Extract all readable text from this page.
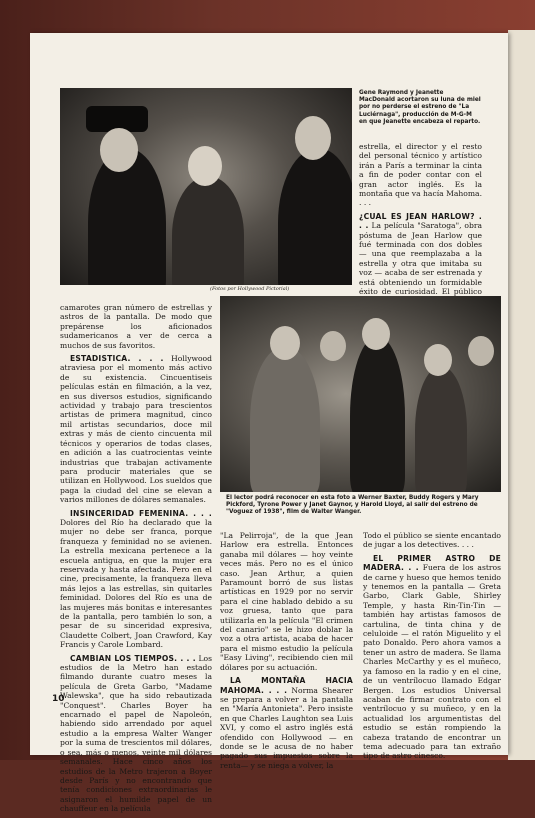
(Fotos por Hollywood Pictorial)
Gene Raymond y Jeanette MacDonald acortaron su luna de miel por no perderse el estreno de "La Luciérnaga", producción de M-G-M en que Jeanette encabeza el reparto.

estrella, el director y el resto del personal técnico y artístico irán a París a terminar la cinta a fin de poder contar con el gran actor inglés. Es la montaña que va hacía Mahoma. . . .

¿CUAL ES JEAN HARLOW? . . . La película "Saratoga", obra póstuma de Jean Harlow que fué terminada con dos dobles — una que reemplazaba a la estrella y otra que imitaba su voz — acaba de ser estrenada y está obteniendo un formidable éxito de curiosidad. El público

El lector podrá reconocer en esta foto a Werner Baxter, Buddy Rogers y Mary Pickford, Tyrone Power y Janet Gaynor, y Harold Lloyd, al salir del estreno de "Voguez of 1938", film de Walter Wanger.

camarotes gran número de estrellas y astros de la pantalla. De modo que prepárense los aficionados sudamericanos a ver de cerca a muchos de sus favoritos.

ESTADISTICA. . . . Hollywood atraviesa por el momento más activo de su existencia. Cincuentiseis películas están en filmación, a la vez, en sus diversos estudios, significando actividad y trabajo para trescientos artistas de primera magnitud, cinco mil artistas secundarios, doce mil extras y más de ciento cincuenta mil técnicos y operarios de todas clases, en adición a las cuatrocientas veinte industrias que trabajan activamente para producir materiales que se utilizan en Hollywood. Los sueldos que paga la ciudad del cine se elevan a varios millones de dólares semanales.

INSINCERIDAD FEMENINA. . . . Dolores del Río ha declarado que la mujer no debe ser franca, porque franqueza y feminidad no se avienen. La estrella mexicana pertenece a la escuela antigua, en que la mujer era reservada y hasta afectada. Pero en el cine, precisamente, la franqueza lleva más lejos a las estrellas, sin quitarles feminidad. Dolores del Río es una de las mujeres más bonitas e interesantes de la pantalla, pero también lo son, a pesar de su sinceridad expresiva, Claudette Colbert, Joan Crawford, Kay Francis y Carole Lombard.

CAMBIAN LOS TIEMPOS. . . . Los estudios de la Metro han estado filmando durante cuatro meses la película de Greta Garbo, "Madame Walewska", que ha sido rebautizada "Conquest". Charles Boyer ha encarnado el papel de Napoleón, habiendo sido arrendado por aquel estudio a la empresa Walter Wanger por la suma de trescientos mil dólares, o sea, más o menos, veinte mil dólares semanales. Hace cinco años los estudios de la Metro trajeron a Boyer desde París y no encontrando que tenía condiciones extraordinarias le asignaron el humilde papel de un chauffeur en la película

"La Pelirroja", de la que Jean Harlow era estrella. Entonces ganaba mil dólares — hoy veinte veces más. Pero no es el único caso. Jean Arthur, a quien Paramount borró de sus listas artísticas en 1929 por no servir para el cine hablado debido a su voz gruesa, tanto que para utilizarla en la película "El crimen del canario" se le hizo doblar la voz a otra artista, acaba de hacer para el mismo estudio la película "Easy Living", recibiendo cien mil dólares por su actuación.

LA MONTAÑA HACIA MAHOMA. . . . Norma Shearer se prepara a volver a la pantalla en "María Antonieta". Pero insiste en que Charles Laughton sea Luis XVI, y como el astro inglés está ofendido con Hollywood — en donde se le acusa de no haber pagado sus impuestos sobre la renta— y se niega a volver, la

Todo el público se siente encantado de jugar a los detectives. . . .

EL PRIMER ASTRO DE MADERA. . . Fuera de los astros de carne y hueso que hemos tenido y tenemos en la pantalla — Greta Garbo, Clark Gable, Shirley Temple, y hasta Rin-Tin-Tin — también hay artistas famosos de cartulina, de tinta china y de celuloide — el ratón Miguelito y el pato Donaldo. Pero ahora vamos a tener un astro de madera. Se llama Charles McCarthy y es el muñeco, ya famoso en la radio y en el cine, de un ventrílocuo llamado Edgar Bergen. Los estudios Universal acaban de firmar contrato con el ventrílocuo y su muñeco, y en la actualidad los argumentistas del estudio se están rompiendo la cabeza tratando de encontrar un tema adecuado para tan extraño tipo de astro cinesco.

10
